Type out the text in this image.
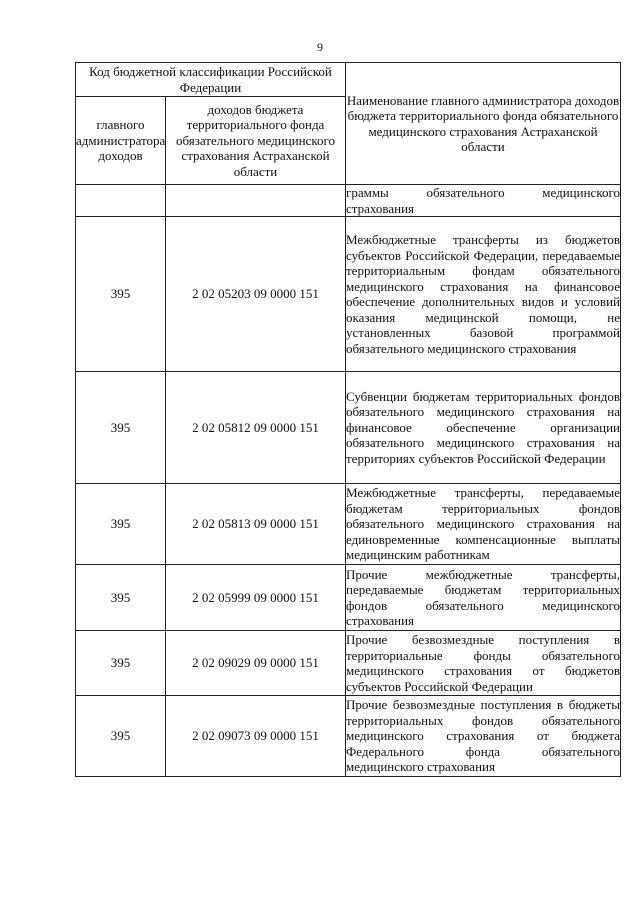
9
Код бюджетной классификации Российской Федерации		Наименование главного администратора доходов бюджета территориального фонда обязательного медицинского страхования Астраханской области
главного администратора доходов	доходов бюджета территориального фонда обязательного медицинского страхования Астраханской области	
		граммы обязательного медицинского страхования
395	2 02 05203 09 0000 151	Межбюджетные трансферты из бюджетов субъектов Российской Федерации, передаваемые территориальным фондам обязательного медицинского страхования на финансовое обеспечение дополнительных видов и условий оказания медицинской помощи, не установленных базовой программой обязательного медицинского страхования
395	2 02 05812 09 0000 151	Субвенции бюджетам территориальных фондов обязательного медицинского страхования на финансовое обеспечение организации обязательного медицинского страхования на территориях субъектов Российской Федерации
395	2 02 05813 09 0000 151	Межбюджетные трансферты, передаваемые бюджетам территориальных фондов обязательного медицинского страхования на единовременные компенсационные выплаты медицинским работникам
395	2 02 05999 09 0000 151	Прочие межбюджетные трансферты, передаваемые бюджетам территориальных фондов обязательного медицинского страхования
395	2 02 09029 09 0000 151	Прочие безвозмездные поступления в территориальные фонды обязательного медицинского страхования от бюджетов субъектов Российской Федерации
395	2 02 09073 09 0000 151	Прочие безвозмездные поступления в бюджеты территориальных фондов обязательного медицинского страхования от бюджета Федерального фонда обязательного медицинского страхования
